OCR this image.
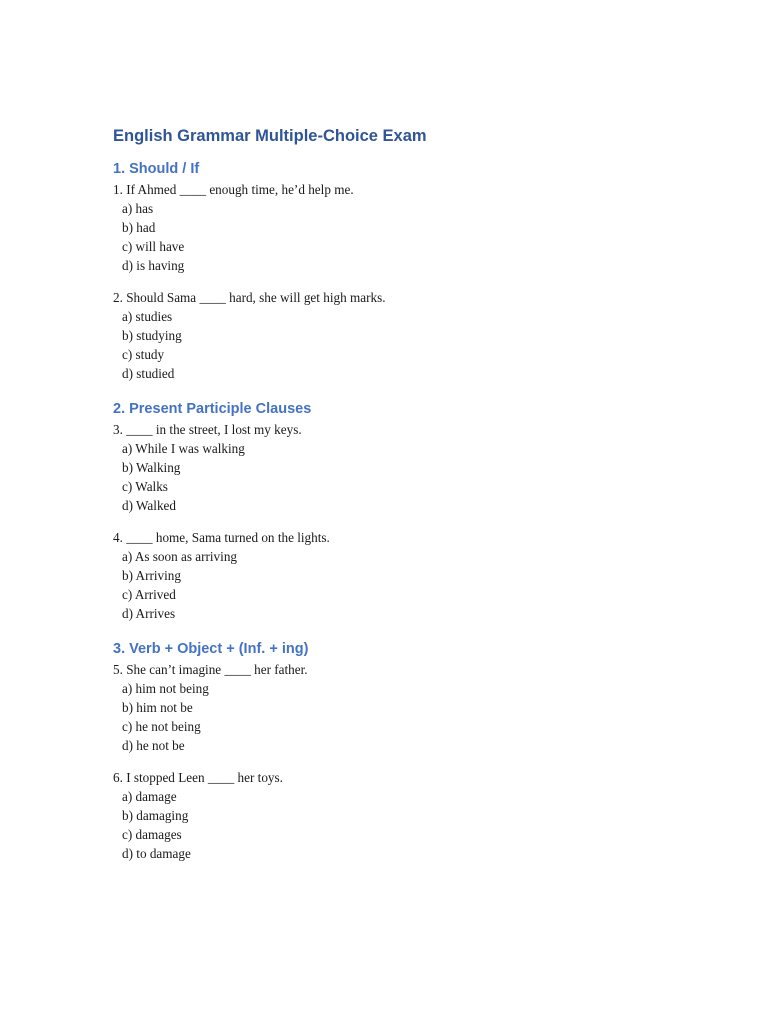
English Grammar Multiple-Choice Exam
1. Should / If
1. If Ahmed ____ enough time, he’d help me.
a) has
b) had
c) will have
d) is having
2. Should Sama ____ hard, she will get high marks.
a) studies
b) studying
c) study
d) studied
2. Present Participle Clauses
3. ____ in the street, I lost my keys.
a) While I was walking
b) Walking
c) Walks
d) Walked
4. ____ home, Sama turned on the lights.
a) As soon as arriving
b) Arriving
c) Arrived
d) Arrives
3. Verb + Object + (Inf. + ing)
5. She can’t imagine ____ her father.
a) him not being
b) him not be
c) he not being
d) he not be
6. I stopped Leen ____ her toys.
a) damage
b) damaging
c) damages
d) to damage
